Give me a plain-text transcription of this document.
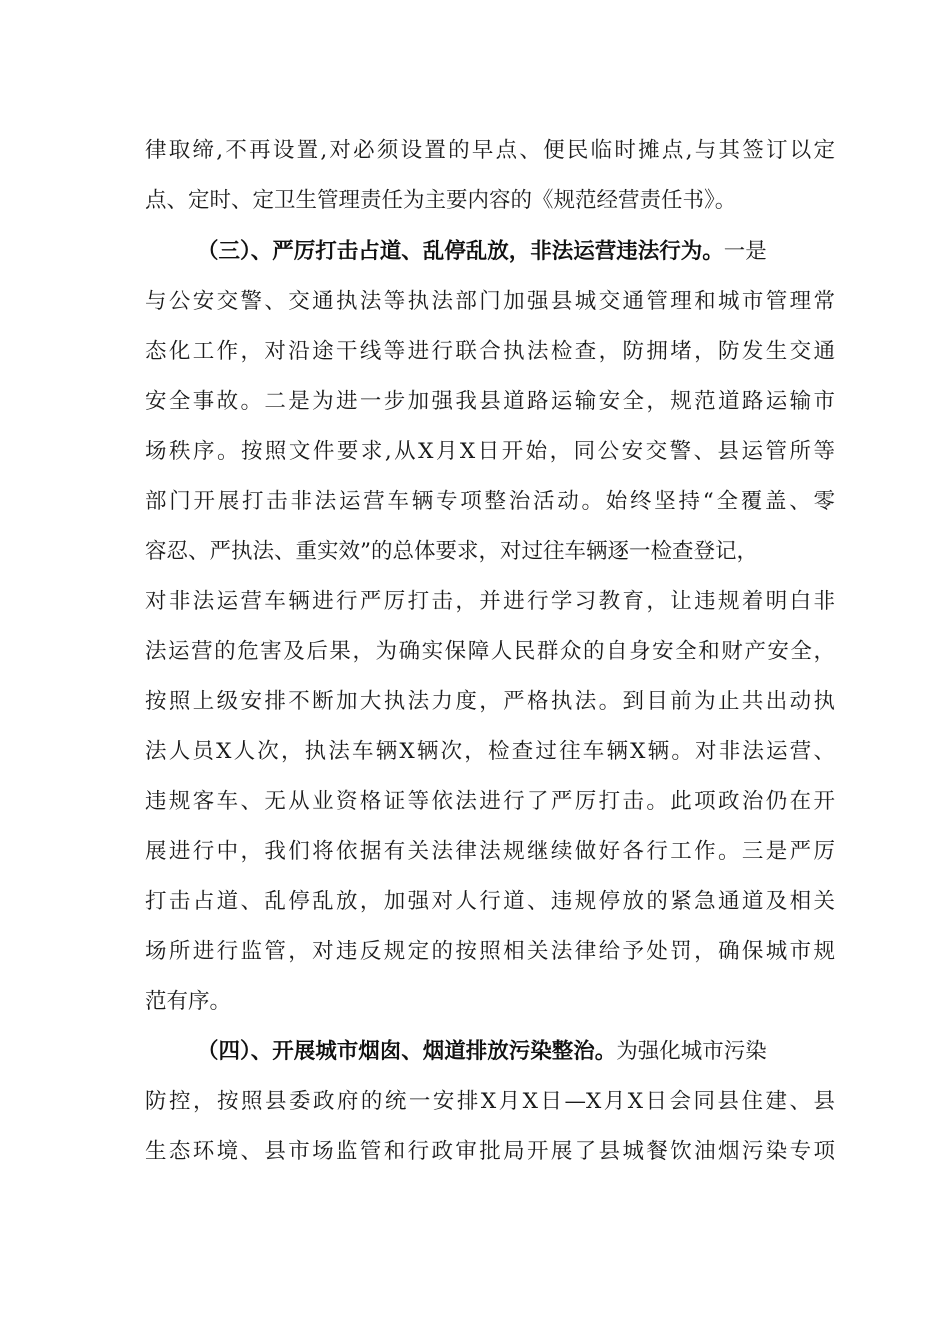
律取缔,不再设置,对必须设置的早点、便民临时摊点,与其签订以定
点、定时、定卫生管理责任为主要内容的《规范经营责任书》。
（三）、严厉打击占道、乱停乱放，非法运营违法行为。一是
与公安交警、交通执法等执法部门加强县城交通管理和城市管理常
态化工作，对沿途干线等进行联合执法检查，防拥堵，防发生交通
安全事故。二是为进一步加强我县道路运输安全，规范道路运输市
场秩序。按照文件要求,从X月X日开始，同公安交警、县运管所等
部门开展打击非法运营车辆专项整治活动。始终坚持“全覆盖、零
容忍、严执法、重实效”的总体要求，对过往车辆逐一检查登记，
对非法运营车辆进行严厉打击，并进行学习教育，让违规着明白非
法运营的危害及后果，为确实保障人民群众的自身安全和财产安全，
按照上级安排不断加大执法力度，严格执法。到目前为止共出动执
法人员X人次，执法车辆X辆次，检查过往车辆X辆。对非法运营、
违规客车、无从业资格证等依法进行了严厉打击。此项政治仍在开
展进行中，我们将依据有关法律法规继续做好各行工作。三是严厉
打击占道、乱停乱放，加强对人行道、违规停放的紧急通道及相关
场所进行监管，对违反规定的按照相关法律给予处罚，确保城市规
范有序。
（四）、开展城市烟囱、烟道排放污染整治。为强化城市污染
防控，按照县委政府的统一安排X月X日—X月X日会同县住建、县
生态环境、县市场监管和行政审批局开展了县城餐饮油烟污染专项
